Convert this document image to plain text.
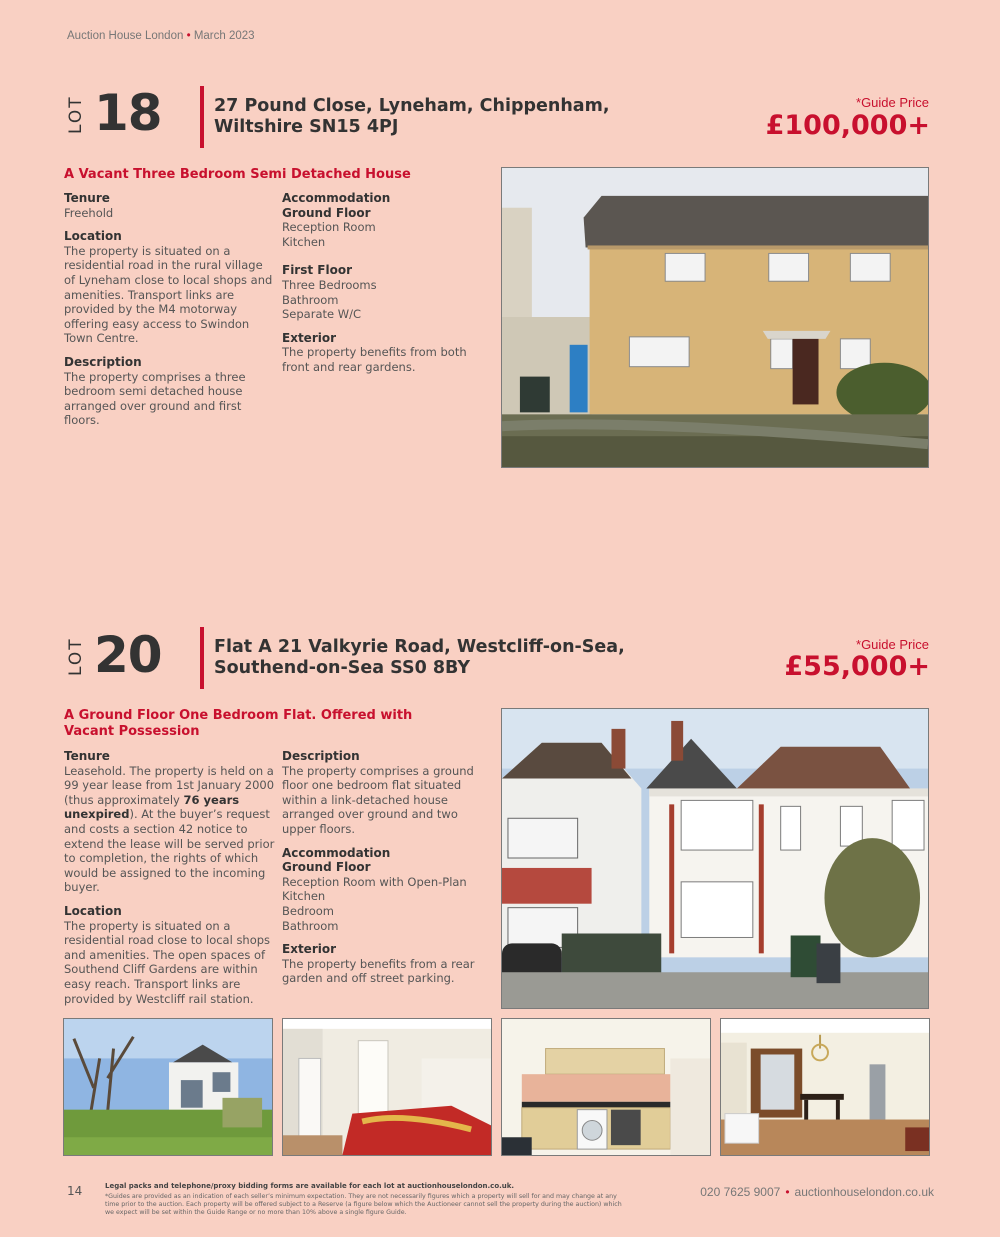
Auction House London • March 2023
LOT 18	27 Pound Close, Lyneham, Chippenham,
Wiltshire SN15 4PJ
*Guide Price
£100,000+
A Vacant Three Bedroom Semi Detached House
Tenure
Freehold
Location
The property is situated on a residential road in the rural village of Lyneham close to local shops and amenities. Transport links are provided by the M4 motorway offering easy access to Swindon Town Centre.
Description
The property comprises a three bedroom semi detached house arranged over ground and first floors.
Accommodation
Ground Floor
Reception Room
Kitchen
First Floor
Three Bedrooms
Bathroom
Separate W/C
Exterior
The property benefits from both front and rear gardens.
LOT 20	Flat A 21 Valkyrie Road, Westcliff-on-Sea,
Southend-on-Sea SS0 8BY
*Guide Price
£55,000+
A Ground Floor One Bedroom Flat. Offered with Vacant Possession
Tenure
Leasehold. The property is held on a 99 year lease from 1st January 2000 (thus approximately 76 years unexpired). At the buyer’s request and costs a section 42 notice to extend the lease will be served prior to completion, the rights of which would be assigned to the incoming buyer.
Location
The property is situated on a residential road close to local shops and amenities. The open spaces of Southend Cliff Gardens are within easy reach. Transport links are provided by Westcliff rail station.
Description
The property comprises a ground floor one bedroom flat situated within a link-detached house arranged over ground and two upper floors.
Accommodation
Ground Floor
Reception Room with Open-Plan Kitchen
Bedroom
Bathroom
Exterior
The property benefits from a rear garden and off street parking.
14	Legal packs and telephone/proxy bidding forms are available for each lot at auctionhouselondon.co.uk.
*Guides are provided as an indication of each seller’s minimum expectation. They are not necessarily figures which a property will sell for and may change at any time prior to the auction. Each property will be offered subject to a Reserve (a figure below which the Auctioneer cannot sell the property during the auction) which we expect will be set within the Guide Range or no more than 10% above a single figure Guide.
020 7625 9007 • auctionhouselondon.co.uk
